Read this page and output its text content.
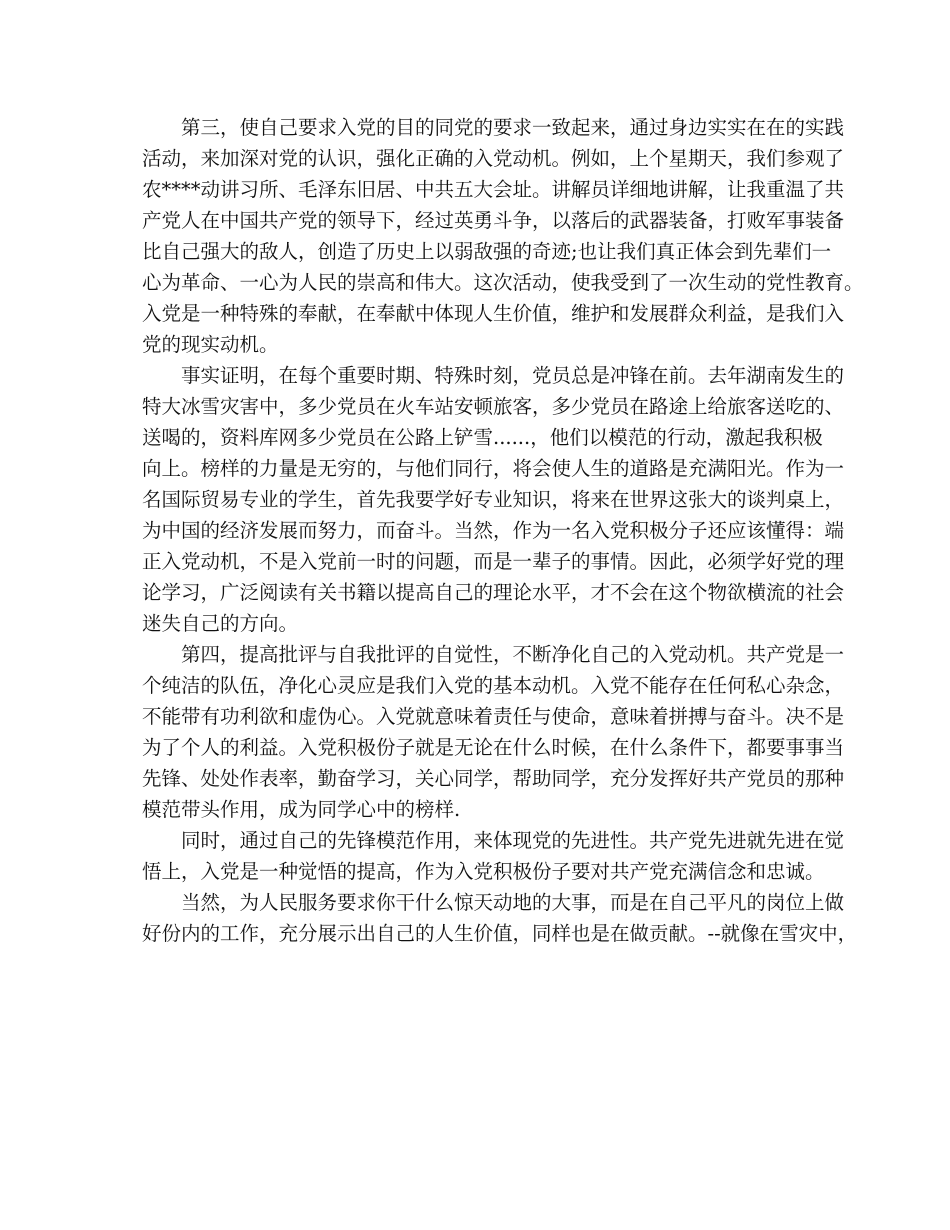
第三，使自己要求入党的目的同党的要求一致起来，通过身边实实在在的实践
活动，来加深对党的认识，强化正确的入党动机。例如，上个星期天，我们参观了
农****动讲习所、毛泽东旧居、中共五大会址。讲解员详细地讲解，让我重温了共
产党人在中国共产党的领导下，经过英勇斗争，以落后的武器装备，打败军事装备
比自己强大的敌人，创造了历史上以弱敌强的奇迹;也让我们真正体会到先辈们一
心为革命、一心为人民的崇高和伟大。这次活动，使我受到了一次生动的党性教育。
入党是一种特殊的奉献，在奉献中体现人生价值，维护和发展群众利益，是我们入
党的现实动机。
事实证明，在每个重要时期、特殊时刻，党员总是冲锋在前。去年湖南发生的
特大冰雪灾害中，多少党员在火车站安顿旅客，多少党员在路途上给旅客送吃的、
送喝的，资料库网多少党员在公路上铲雪......，他们以模范的行动，激起我积极
向上。榜样的力量是无穷的，与他们同行，将会使人生的道路是充满阳光。作为一
名国际贸易专业的学生，首先我要学好专业知识，将来在世界这张大的谈判桌上，
为中国的经济发展而努力，而奋斗。当然，作为一名入党积极分子还应该懂得：端
正入党动机，不是入党前一时的问题，而是一辈子的事情。因此，必须学好党的理
论学习，广泛阅读有关书籍以提高自己的理论水平，才不会在这个物欲横流的社会
迷失自己的方向。
第四，提高批评与自我批评的自觉性，不断净化自己的入党动机。共产党是一
个纯洁的队伍，净化心灵应是我们入党的基本动机。入党不能存在任何私心杂念，
不能带有功利欲和虚伪心。入党就意味着责任与使命，意味着拼搏与奋斗。决不是
为了个人的利益。入党积极份子就是无论在什么时候，在什么条件下，都要事事当
先锋、处处作表率，勤奋学习，关心同学，帮助同学，充分发挥好共产党员的那种
模范带头作用，成为同学心中的榜样.
同时，通过自己的先锋模范作用，来体现党的先进性。共产党先进就先进在觉
悟上，入党是一种觉悟的提高，作为入党积极份子要对共产党充满信念和忠诚。
当然，为人民服务要求你干什么惊天动地的大事，而是在自己平凡的岗位上做
好份内的工作，充分展示出自己的人生价值，同样也是在做贡献。--就像在雪灾中，
